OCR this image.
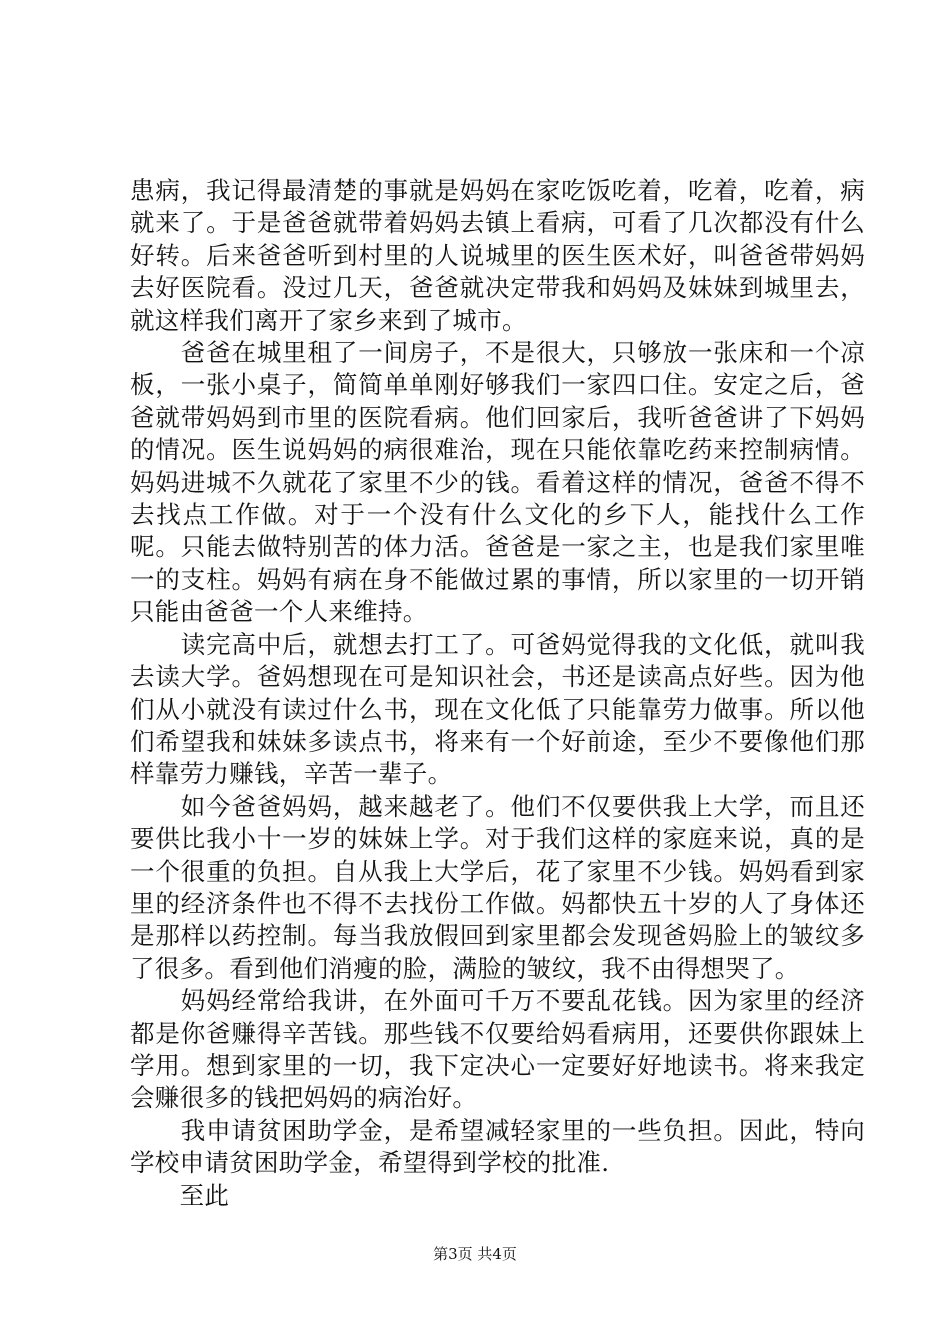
患病，我记得最清楚的事就是妈妈在家吃饭吃着，吃着，吃着，病就来了。于是爸爸就带着妈妈去镇上看病，可看了几次都没有什么好转。后来爸爸听到村里的人说城里的医生医术好，叫爸爸带妈妈去好医院看。没过几天，爸爸就决定带我和妈妈及妹妹到城里去，就这样我们离开了家乡来到了城市。

　　爸爸在城里租了一间房子，不是很大，只够放一张床和一个凉板，一张小桌子，简简单单刚好够我们一家四口住。安定之后，爸爸就带妈妈到市里的医院看病。他们回家后，我听爸爸讲了下妈妈的情况。医生说妈妈的病很难治，现在只能依靠吃药来控制病情。妈妈进城不久就花了家里不少的钱。看着这样的情况，爸爸不得不去找点工作做。对于一个没有什么文化的乡下人，能找什么工作呢。只能去做特别苦的体力活。爸爸是一家之主，也是我们家里唯一的支柱。妈妈有病在身不能做过累的事情，所以家里的一切开销只能由爸爸一个人来维持。

　　读完高中后，就想去打工了。可爸妈觉得我的文化低，就叫我去读大学。爸妈想现在可是知识社会，书还是读高点好些。因为他们从小就没有读过什么书，现在文化低了只能靠劳力做事。所以他们希望我和妹妹多读点书，将来有一个好前途，至少不要像他们那样靠劳力赚钱，辛苦一辈子。

　　如今爸爸妈妈，越来越老了。他们不仅要供我上大学，而且还要供比我小十一岁的妹妹上学。对于我们这样的家庭来说，真的是一个很重的负担。自从我上大学后，花了家里不少钱。妈妈看到家里的经济条件也不得不去找份工作做。妈都快五十岁的人了身体还是那样以药控制。每当我放假回到家里都会发现爸妈脸上的皱纹多了很多。看到他们消瘦的脸，满脸的皱纹，我不由得想哭了。

　　妈妈经常给我讲，在外面可千万不要乱花钱。因为家里的经济都是你爸赚得辛苦钱。那些钱不仅要给妈看病用，还要供你跟妹上学用。想到家里的一切，我下定决心一定要好好地读书。将来我定会赚很多的钱把妈妈的病治好。

　　我申请贫困助学金，是希望减轻家里的一些负担。因此，特向学校申请贫困助学金，希望得到学校的批准.

　　至此

第3页 共4页
